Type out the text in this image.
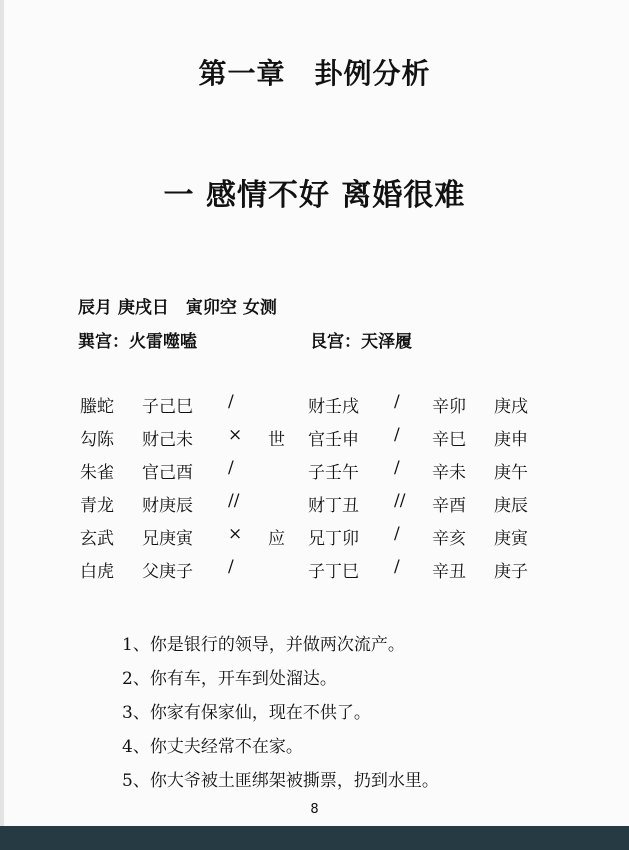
第一章　卦例分析
一 感情不好 离婚很难
辰月 庚戌日　寅卯空 女测
巽宫：火雷噬嗑	艮宫：天泽履
螣蛇 子己巳 /	财壬戌 / 辛卯 庚戌
勾陈 财己未 × 世 官壬申 / 辛巳 庚申
朱雀 官己酉 /	子壬午 / 辛未 庚午
青龙 财庚辰 //	财丁丑 // 辛酉 庚辰
玄武 兄庚寅 × 应 兄丁卯 / 辛亥 庚寅
白虎 父庚子 /	子丁巳 / 辛丑 庚子
1、你是银行的领导，并做两次流产。
2、你有车，开车到处溜达。
3、你家有保家仙，现在不供了。
4、你丈夫经常不在家。
5、你大爷被土匪绑架被撕票，扔到水里。
8
